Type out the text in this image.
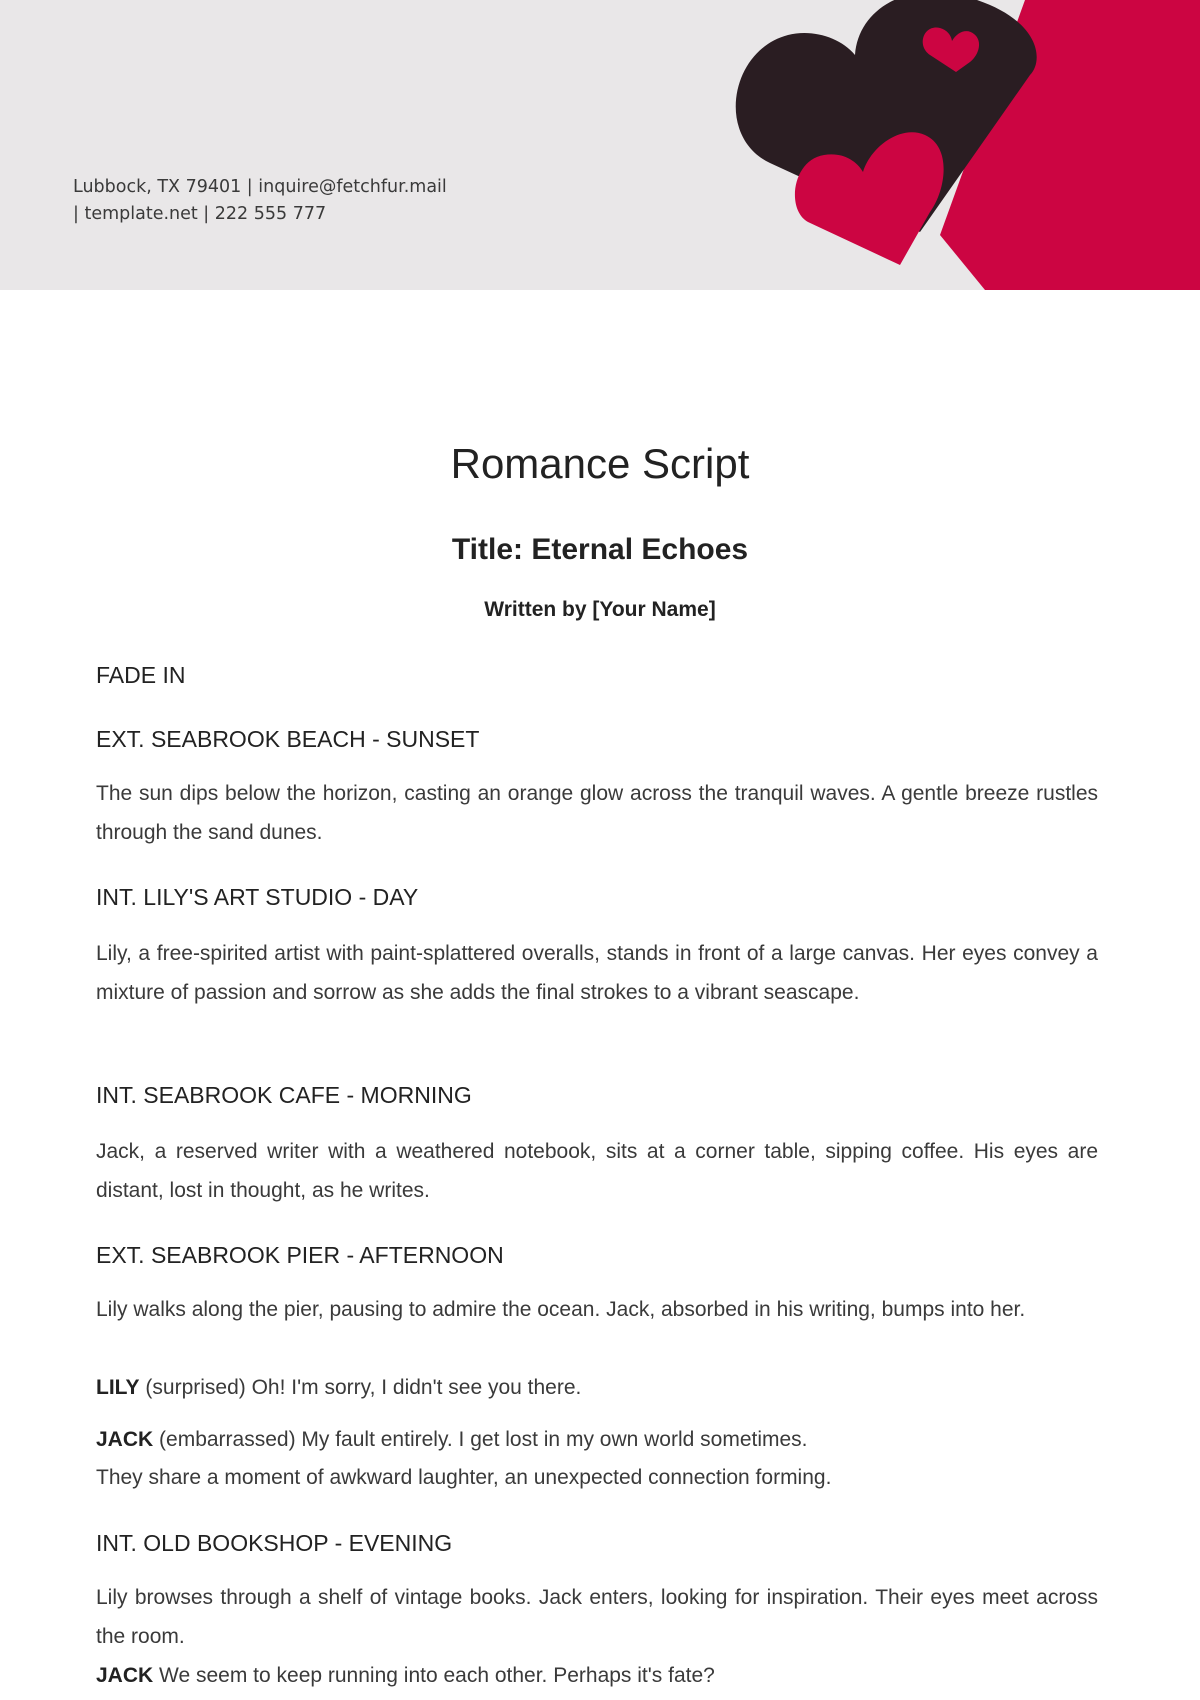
Lubbock, TX 79401 | inquire@fetchfur.mail
| template.net | 222 555 777
Romance Script
Title: Eternal Echoes
Written by [Your Name]
FADE IN
EXT. SEABROOK BEACH - SUNSET

The sun dips below the horizon, casting an orange glow across the tranquil waves. A gentle breeze rustles through the sand dunes.

INT. LILY'S ART STUDIO - DAY

Lily, a free-spirited artist with paint-splattered overalls, stands in front of a large canvas. Her eyes convey a mixture of passion and sorrow as she adds the final strokes to a vibrant seascape.

INT. SEABROOK CAFE - MORNING

Jack, a reserved writer with a weathered notebook, sits at a corner table, sipping coffee. His eyes are distant, lost in thought, as he writes.

EXT. SEABROOK PIER - AFTERNOON

Lily walks along the pier, pausing to admire the ocean. Jack, absorbed in his writing, bumps into her.

LILY (surprised) Oh! I'm sorry, I didn't see you there.
JACK (embarrassed) My fault entirely. I get lost in my own world sometimes.
They share a moment of awkward laughter, an unexpected connection forming.
INT. OLD BOOKSHOP - EVENING

Lily browses through a shelf of vintage books. Jack enters, looking for inspiration. Their eyes meet across the room.

JACK We seem to keep running into each other. Perhaps it's fate?
